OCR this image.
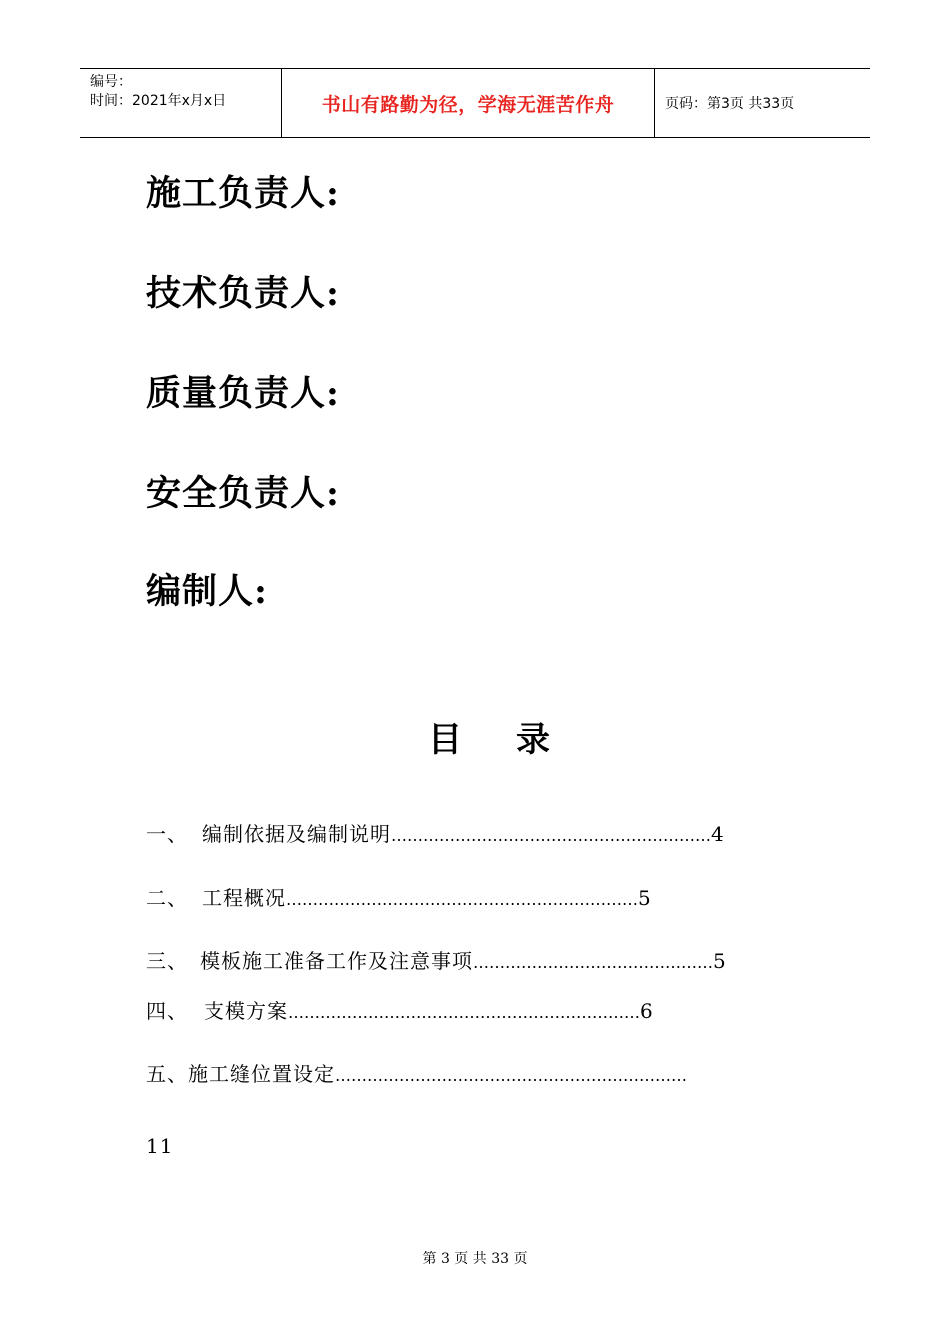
编号：
时间：2021年x月x日	书山有路勤为径，学海无涯苦作舟	页码：第3页 共33页
施工负责人:
技术负责人:
质量负责人:
安全负责人:
编制人:
目 录
一、 编制依据及编制说明……………………………………………………4
二、 工程概况…………………………………………………………5
三、 模板施工准备工作及注意事项………………………………………5
四、 支模方案…………………………………………………………6
五、施工缝位置设定…………………………………………………………
11
第 3 页 共 33 页
